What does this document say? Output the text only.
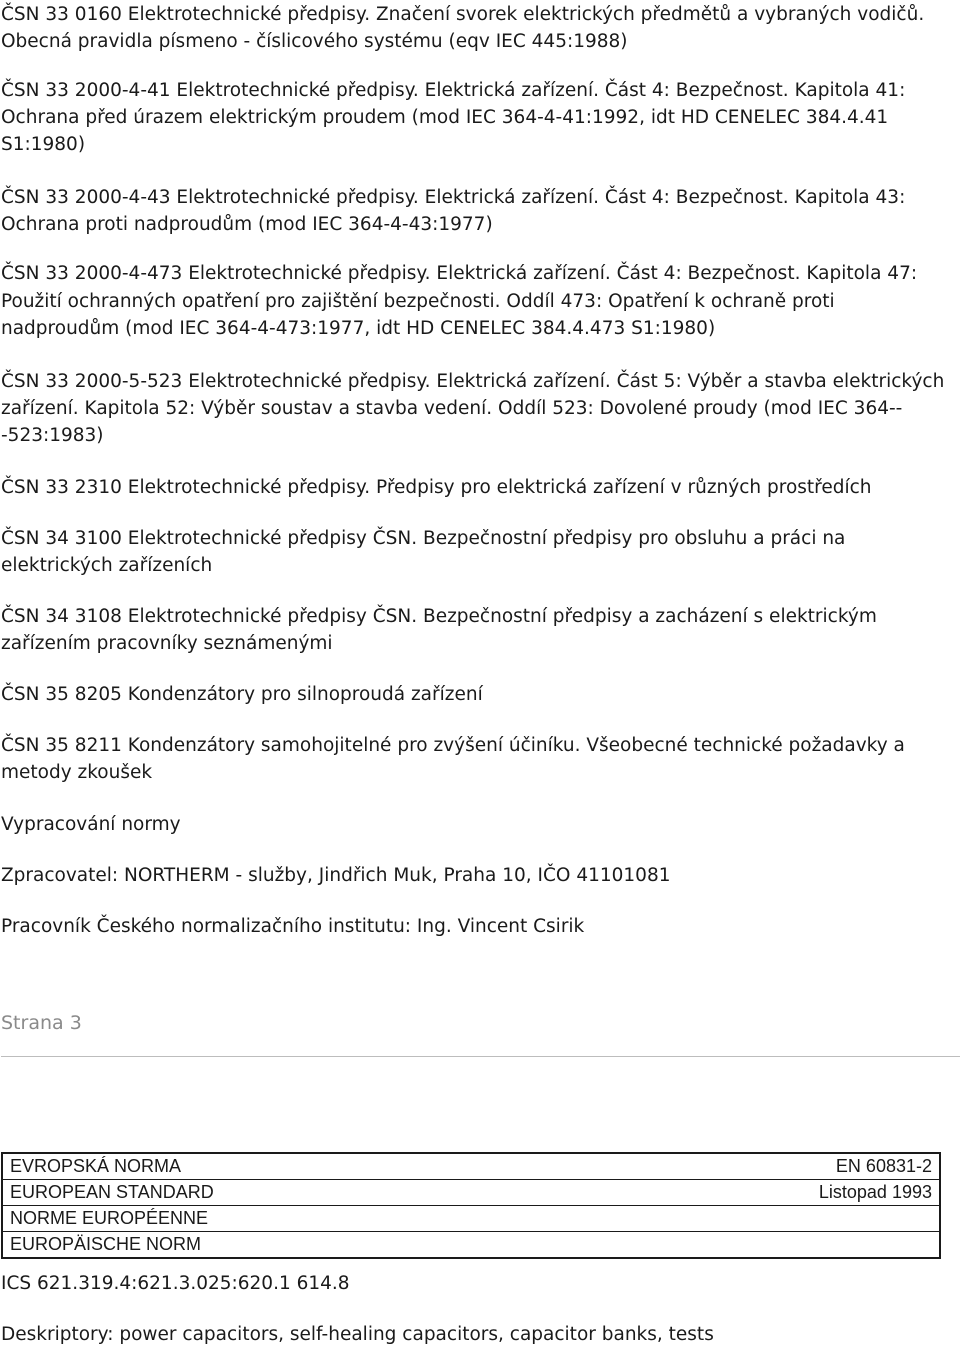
ČSN 33 0160 Elektrotechnické předpisy. Značení svorek elektrických předmětů a vybraných vodičů.

Obecná pravidla písmeno - číslicového systému (eqv IEC 445:1988)

ČSN 33 2000-4-41 Elektrotechnické předpisy. Elektrická zařízení. Část 4: Bezpečnost. Kapitola 41:

Ochrana před úrazem elektrickým proudem (mod IEC 364-4-41:1992, idt HD CENELEC 384.4.41

S1:1980)

ČSN 33 2000-4-43 Elektrotechnické předpisy. Elektrická zařízení. Část 4: Bezpečnost. Kapitola 43:

Ochrana proti nadproudům (mod IEC 364-4-43:1977)

ČSN 33 2000-4-473 Elektrotechnické předpisy. Elektrická zařízení. Část 4: Bezpečnost. Kapitola 47:

Použití ochranných opatření pro zajištění bezpečnosti. Oddíl 473: Opatření k ochraně proti

nadproudům (mod IEC 364-4-473:1977, idt HD CENELEC 384.4.473 S1:1980)

ČSN 33 2000-5-523 Elektrotechnické předpisy. Elektrická zařízení. Část 5: Výběr a stavba elektrických

zařízení. Kapitola 52: Výběr soustav a stavba vedení. Oddíl 523: Dovolené proudy (mod IEC 364--

-523:1983)

ČSN 33 2310 Elektrotechnické předpisy. Předpisy pro elektrická zařízení v různých prostředích

ČSN 34 3100 Elektrotechnické předpisy ČSN. Bezpečnostní předpisy pro obsluhu a práci na

elektrických zařízeních

ČSN 34 3108 Elektrotechnické předpisy ČSN. Bezpečnostní předpisy a zacházení s elektrickým

zařízením pracovníky seznámenými

ČSN 35 8205 Kondenzátory pro silnoproudá zařízení

ČSN 35 8211 Kondenzátory samohojitelné pro zvýšení účiníku. Všeobecné technické požadavky a

metody zkoušek

Vypracování normy

Zpracovatel: NORTHERM - služby, Jindřich Muk, Praha 10, IČO 41101081

Pracovník Českého normalizačního institutu: Ing. Vincent Csirik

Strana 3
EVROPSKÁ NORMA	EN 60831-2
EUROPEAN STANDARD	Listopad 1993
NORME EUROPÉENNE	
EUROPÄISCHE NORM	

ICS 621.319.4:621.3.025:620.1 614.8

Deskriptory: power capacitors, self-healing capacitors, capacitor banks, tests
